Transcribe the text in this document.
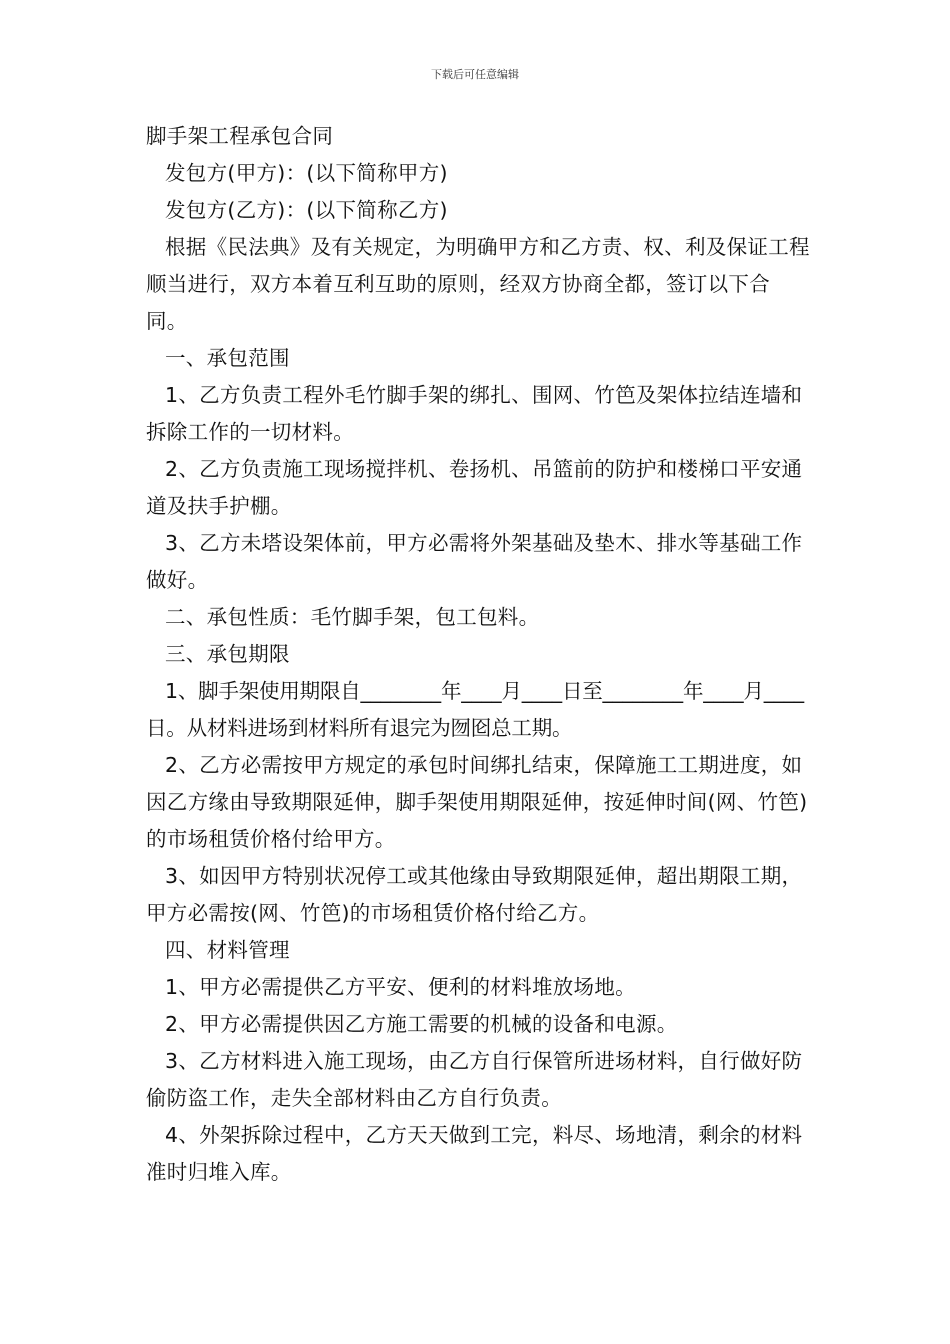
下载后可任意编辑

脚手架工程承包合同

发包方(甲方)：(以下简称甲方)

发包方(乙方)：(以下简称乙方)

根据《民法典》及有关规定，为明确甲方和乙方责、权、利及保证工程顺当进行，双方本着互利互助的原则，经双方协商全都，签订以下合同。

一、承包范围

1、乙方负责工程外毛竹脚手架的绑扎、围网、竹笆及架体拉结连墙和拆除工作的一切材料。

2、乙方负责施工现场搅拌机、卷扬机、吊篮前的防护和楼梯口平安通道及扶手护棚。

3、乙方未塔设架体前，甲方必需将外架基础及垫木、排水等基础工作做好。

二、承包性质：毛竹脚手架，包工包料。

三、承包期限

1、脚手架使用期限自________年____月____日至________年____月____日。从材料进场到材料所有退完为囫囵总工期。

2、乙方必需按甲方规定的承包时间绑扎结束，保障施工工期进度，如因乙方缘由导致期限延伸，脚手架使用期限延伸，按延伸时间(网、竹笆)的市场租赁价格付给甲方。

3、如因甲方特别状况停工或其他缘由导致期限延伸，超出期限工期，甲方必需按(网、竹笆)的市场租赁价格付给乙方。

四、材料管理

1、甲方必需提供乙方平安、便利的材料堆放场地。

2、甲方必需提供因乙方施工需要的机械的设备和电源。

3、乙方材料进入施工现场，由乙方自行保管所进场材料，自行做好防偷防盗工作，走失全部材料由乙方自行负责。

4、外架拆除过程中，乙方天天做到工完，料尽、场地清，剩余的材料准时归堆入库。
